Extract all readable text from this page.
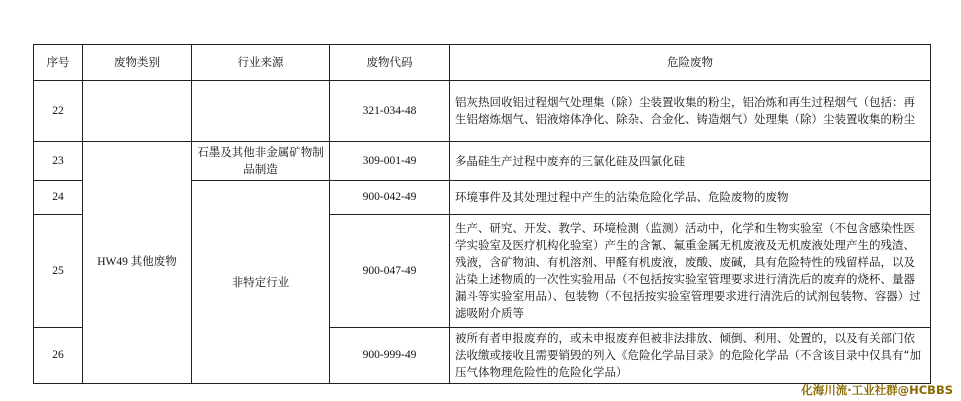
序号	废物类别	行业来源	废物代码	危险废物
22			321-034-48	铝灰热回收铝过程烟气处理集（除）尘装置收集的粉尘，铝冶炼和再生过程烟气（包括：再生铝熔炼烟气、铝液熔体净化、除杂、合金化、铸造烟气）处理集（除）尘装置收集的粉尘
23	HW49 其他废物	石墨及其他非金属矿物制品制造	309-001-49	多晶硅生产过程中废弃的三氯化硅及四氯化硅
24		非特定行业	900-042-49	环境事件及其处理过程中产生的沾染危险化学品、危险废物的废物
25			900-047-49	生产、研究、开发、教学、环境检测（监测）活动中，化学和生物实验室（不包含感染性医学实验室及医疗机构化验室）产生的含氰、氟重金属无机废液及无机废液处理产生的残渣、残液，含矿物油、有机溶剂、甲醛有机废液，废酸、废碱，具有危险特性的残留样品，以及沾染上述物质的一次性实验用品（不包括按实验室管理要求进行清洗后的废弃的烧杯、量器漏斗等实验室用品）、包装物（不包括按实验室管理要求进行清洗后的试剂包装物、容器）过滤吸附介质等
26			900-999-49	被所有者申报废弃的，或未申报废弃但被非法排放、倾倒、利用、处置的，以及有关部门依法收缴或接收且需要销毁的列入《危险化学品目录》的危险化学品（不含该目录中仅具有“加压气体物理危险性的危险化学品）
化海川流·工业社群@HCBBS
